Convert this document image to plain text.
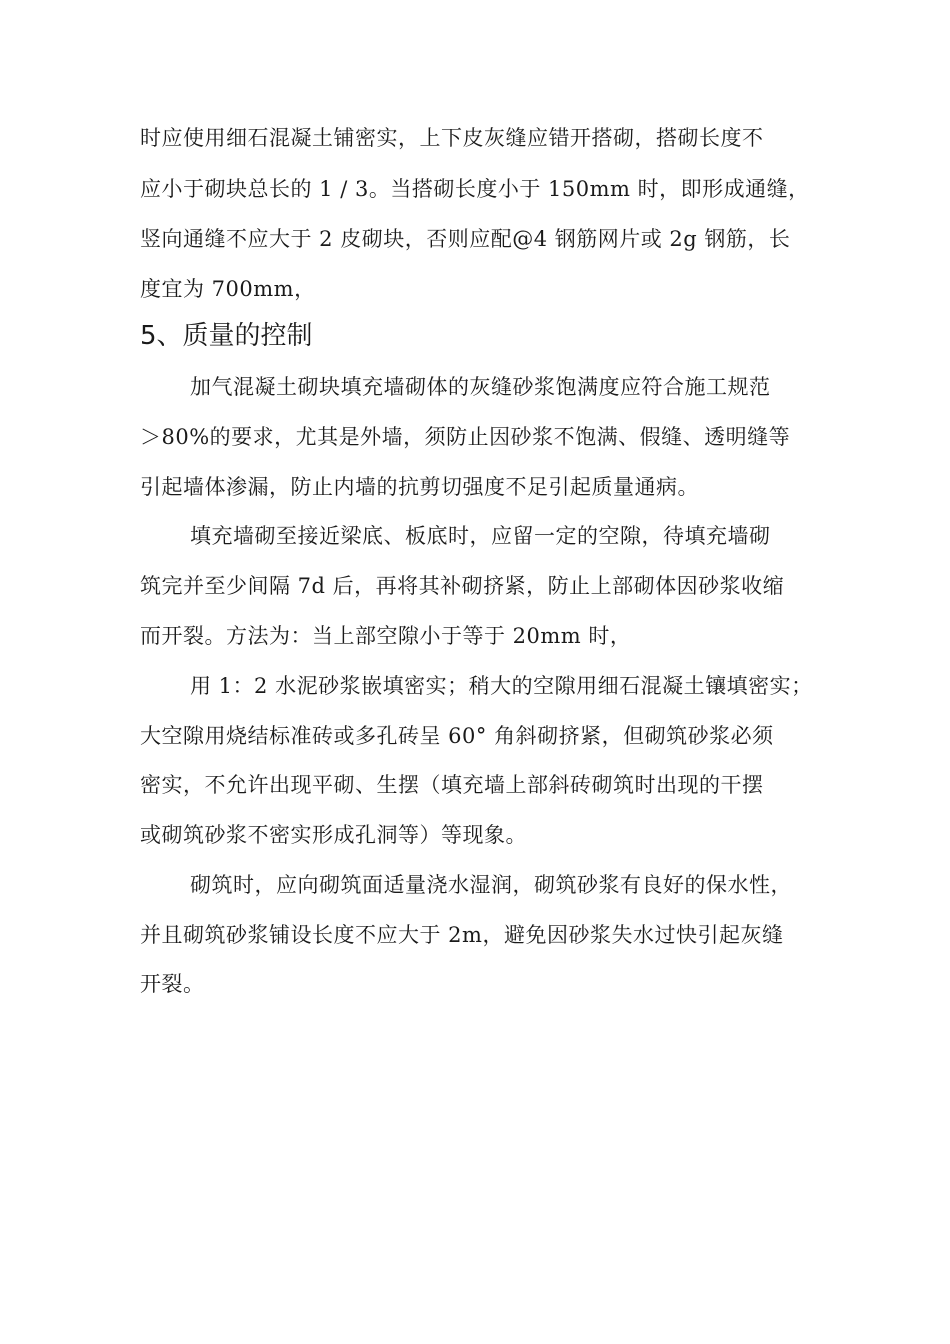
时应使用细石混凝土铺密实，上下皮灰缝应错开搭砌，搭砌长度不
应小于砌块总长的 1 / 3。当搭砌长度小于 150mm 时，即形成通缝，
竖向通缝不应大于 2 皮砌块，否则应配@4 钢筋网片或 2g 钢筋，长
度宜为 700mm，
5、质量的控制
加气混凝土砌块填充墙砌体的灰缝砂浆饱满度应符合施工规范
＞80%的要求，尤其是外墙，须防止因砂浆不饱满、假缝、透明缝等
引起墙体渗漏，防止内墙的抗剪切强度不足引起质量通病。
填充墙砌至接近梁底、板底时，应留一定的空隙，待填充墙砌
筑完并至少间隔 7d 后，再将其补砌挤紧，防止上部砌体因砂浆收缩
而开裂。方法为：当上部空隙小于等于 20mm 时，
用 1：2 水泥砂浆嵌填密实；稍大的空隙用细石混凝土镶填密实；
大空隙用烧结标准砖或多孔砖呈 60° 角斜砌挤紧，但砌筑砂浆必须
密实，不允许出现平砌、生摆（填充墙上部斜砖砌筑时出现的干摆
或砌筑砂浆不密实形成孔洞等）等现象。
砌筑时，应向砌筑面适量浇水湿润，砌筑砂浆有良好的保水性，
并且砌筑砂浆铺设长度不应大于 2m，避免因砂浆失水过快引起灰缝
开裂。
